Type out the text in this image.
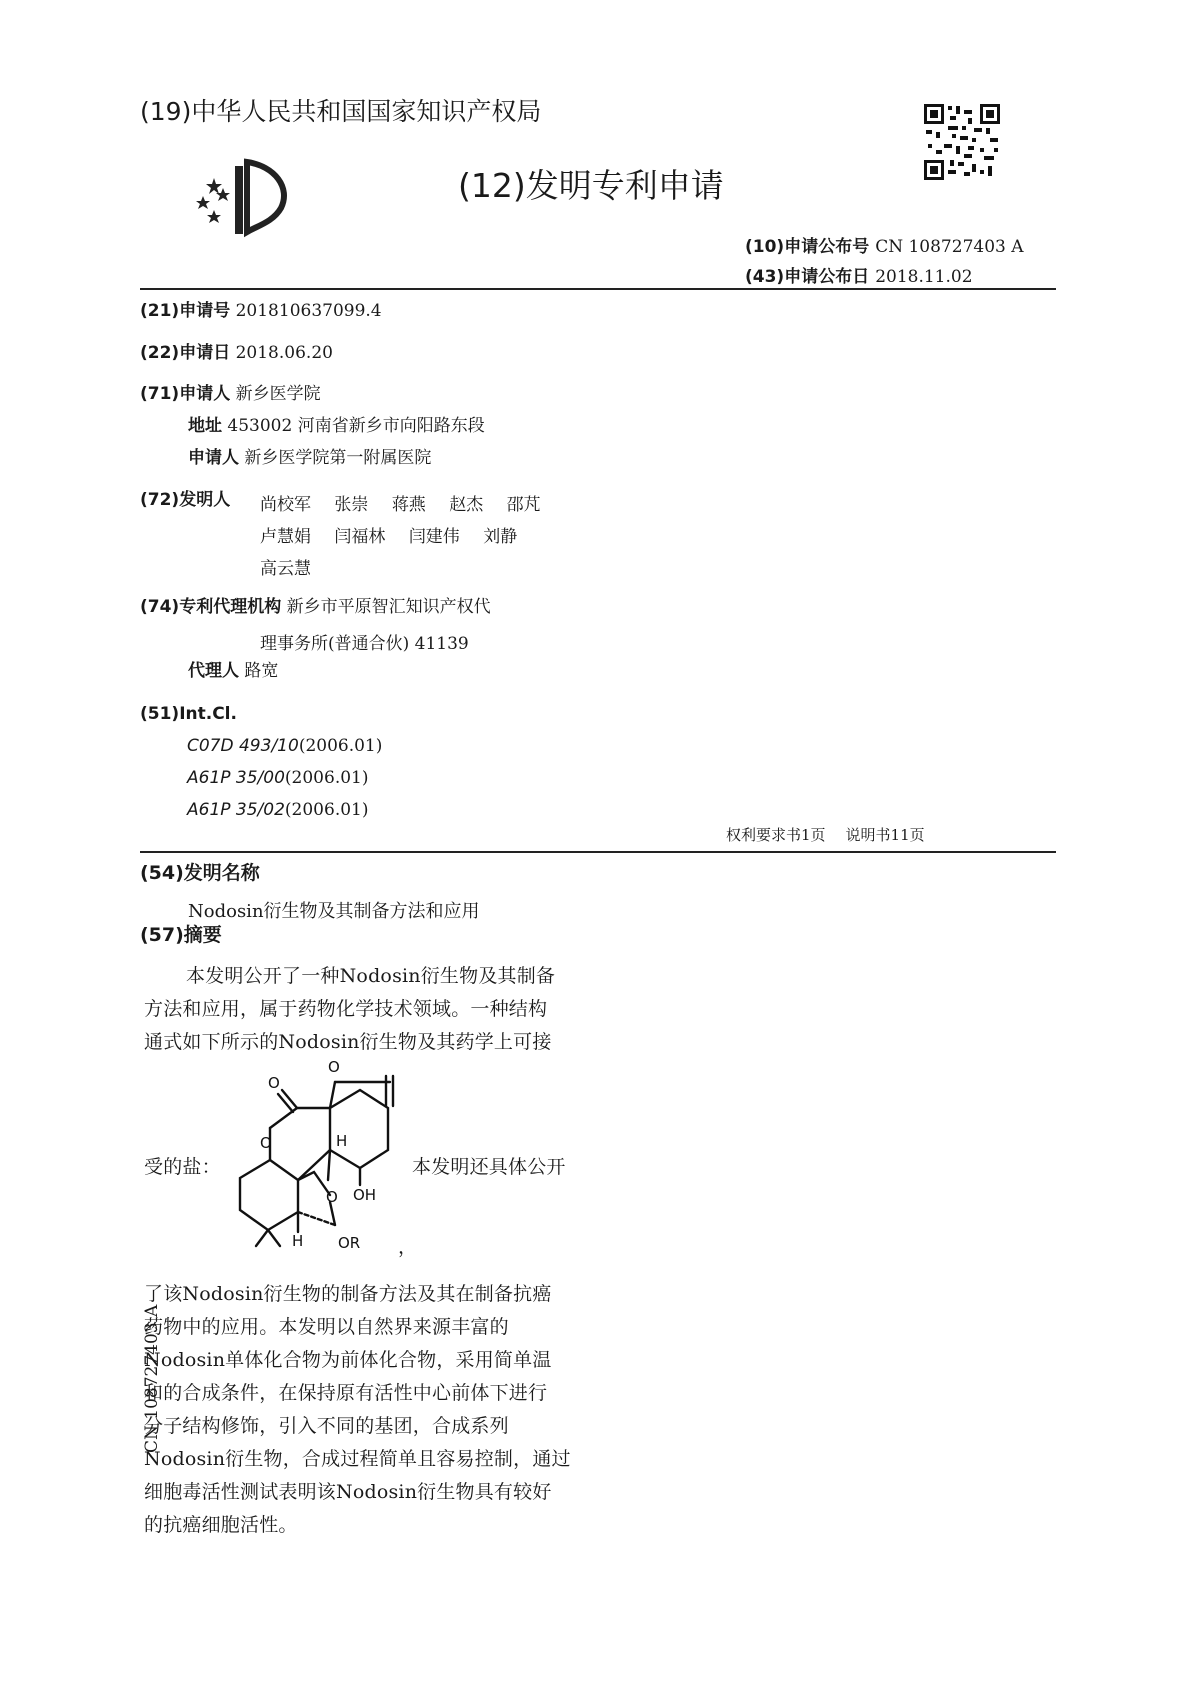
(19)中华人民共和国国家知识产权局
(12)发明专利申请
(10)申请公布号 CN 108727403 A
(43)申请公布日 2018.11.02
(21)申请号 201810637099.4
(22)申请日 2018.06.20
(71)申请人 新乡医学院
地址 453002 河南省新乡市向阳路东段
申请人 新乡医学院第一附属医院
(72)发明人 尚校军 张崇 蒋燕 赵杰 邵芃
卢慧娟 闫福林 闫建伟 刘静
高云慧
(74)专利代理机构 新乡市平原智汇知识产权代
理事务所(普通合伙) 41139
代理人 路宽
(51)Int.Cl.
C07D 493/10(2006.01)
A61P 35/00(2006.01)
A61P 35/02(2006.01)
权利要求书1页 说明书11页
(54)发明名称
Nodosin衍生物及其制备方法和应用
(57)摘要
本发明公开了一种Nodosin衍生物及其制备
方法和应用，属于药物化学技术领域。一种结构
通式如下所示的Nodosin衍生物及其药学上可接
受的盐：	本发明还具体公开
O
O
O	H
OH
O
H OR ，
了该Nodosin衍生物的制备方法及其在制备抗癌
药物中的应用。本发明以自然界来源丰富的
Nodosin单体化合物为前体化合物，采用简单温
和的合成条件，在保持原有活性中心前体下进行
分子结构修饰，引入不同的基团，合成系列
Nodosin衍生物，合成过程简单且容易控制，通过
细胞毒活性测试表明该Nodosin衍生物具有较好
的抗癌细胞活性。
CN 108727403 A
